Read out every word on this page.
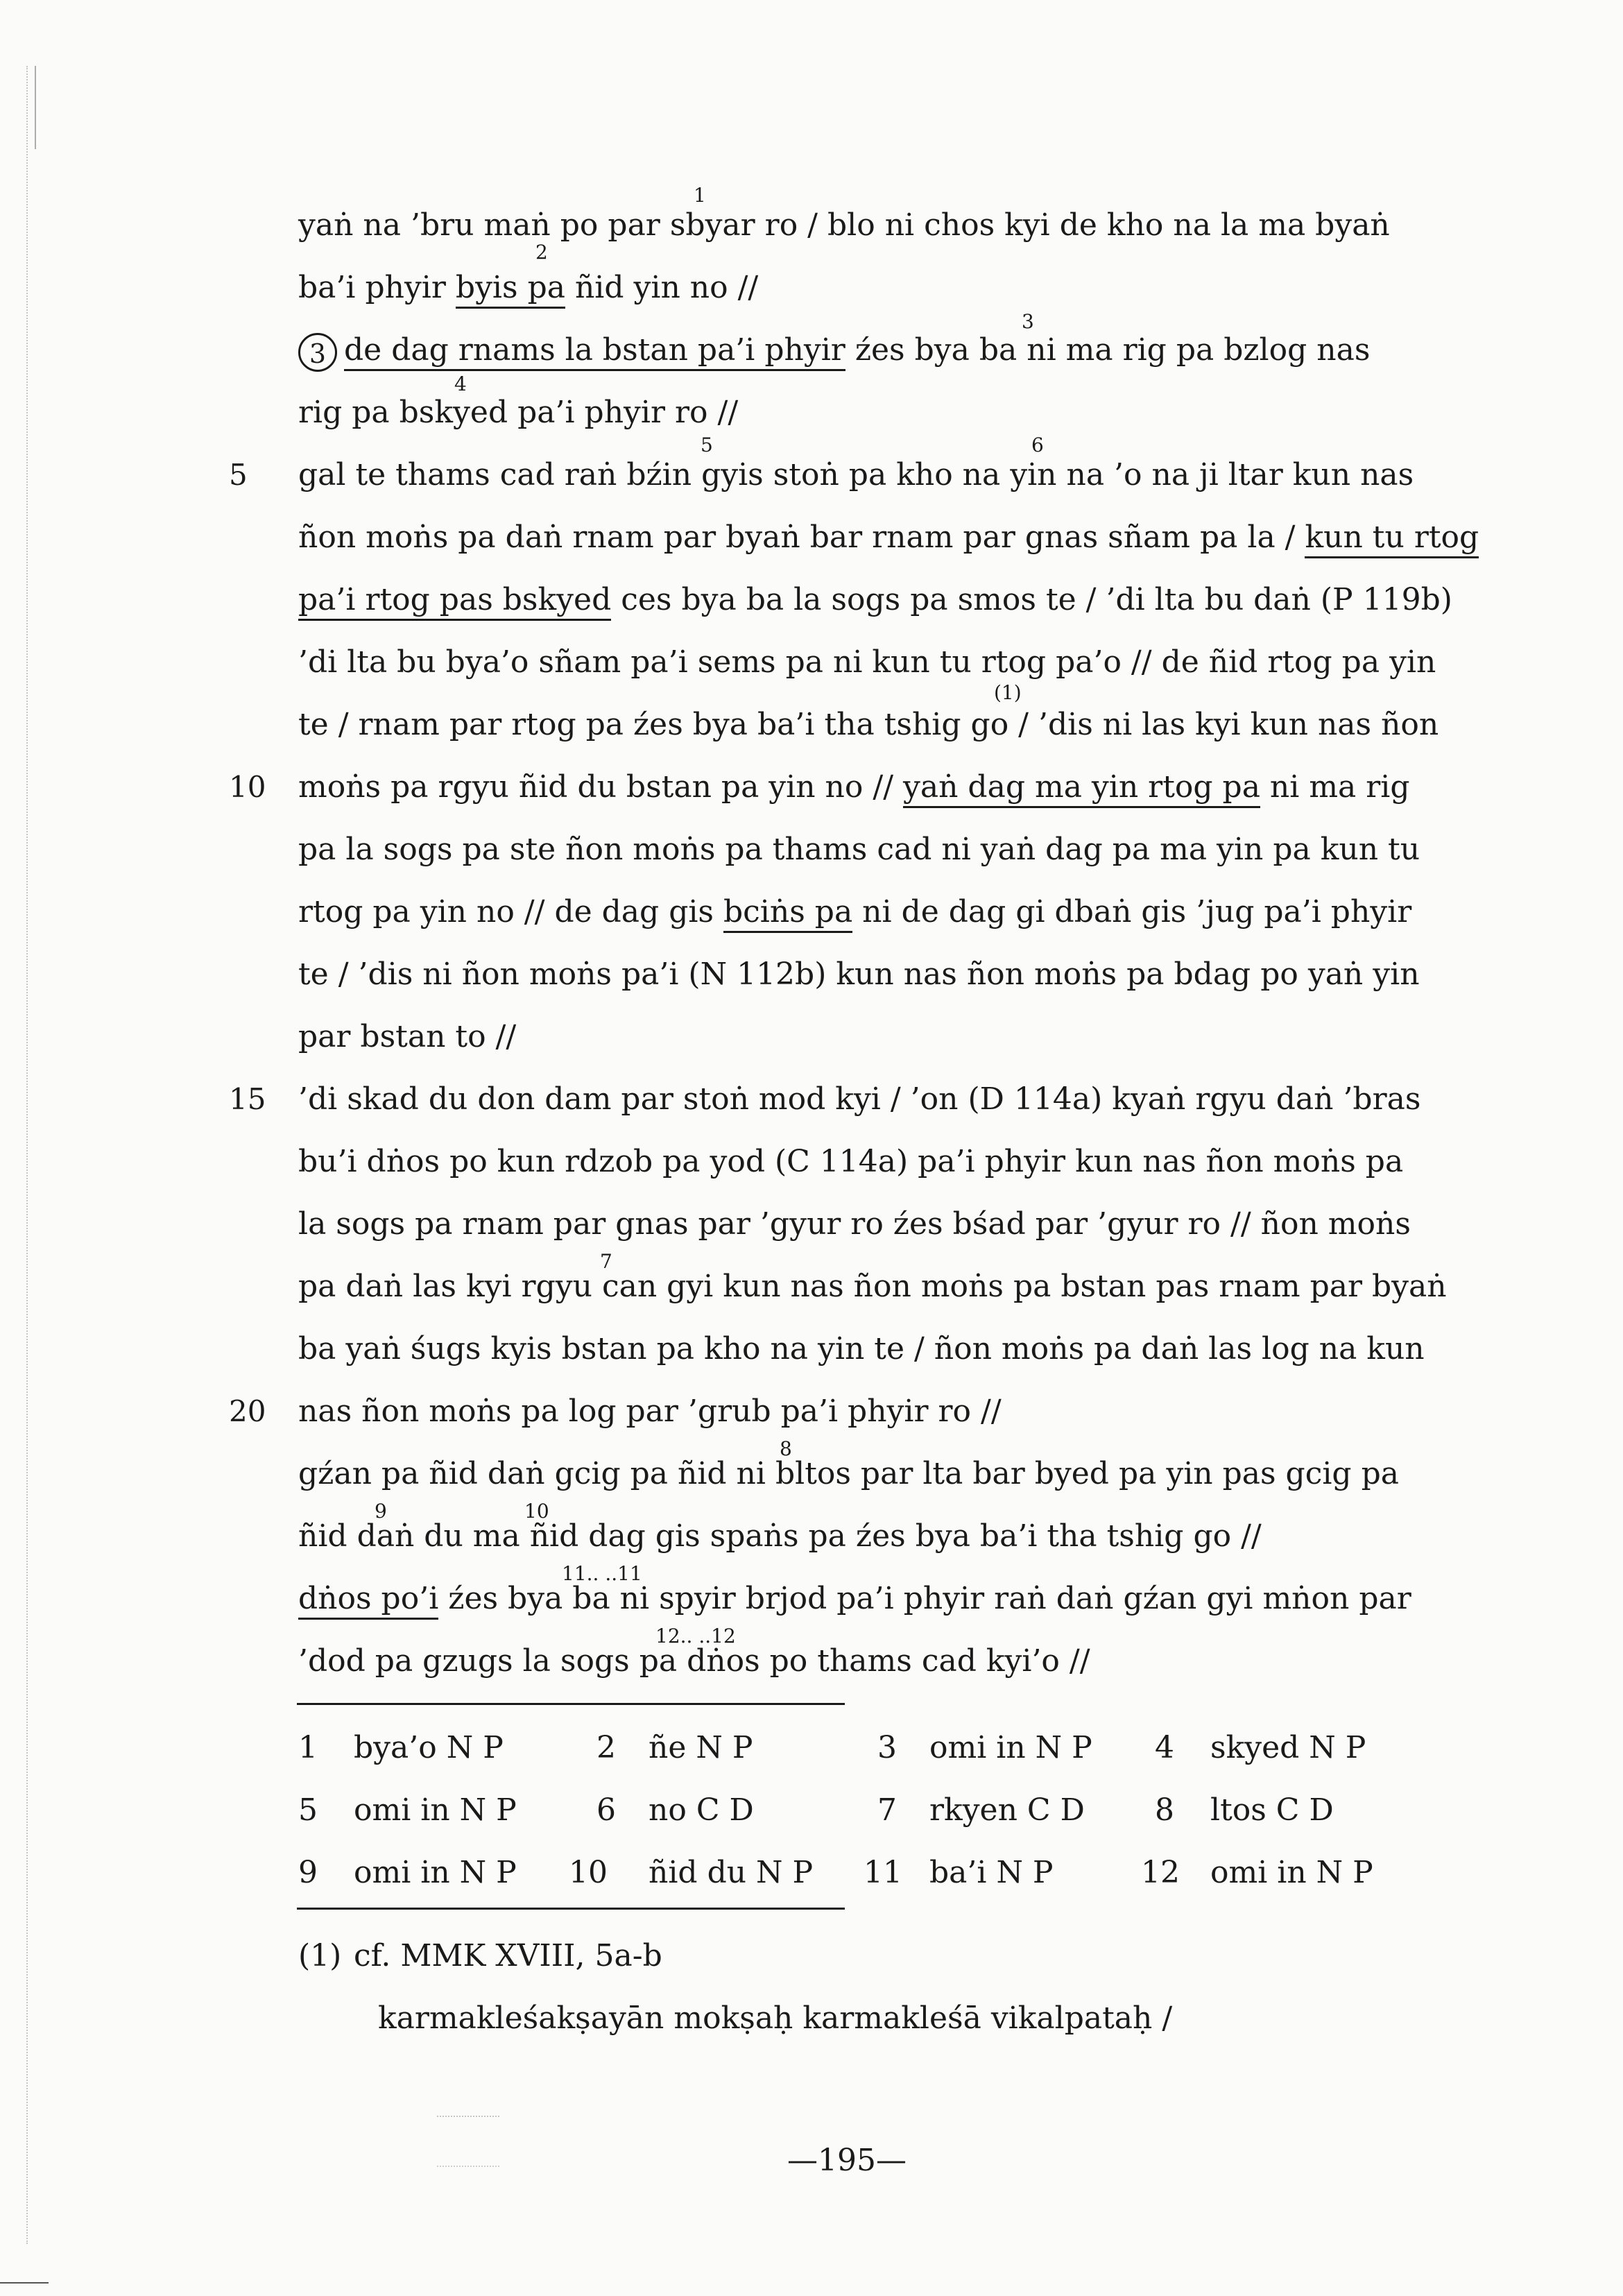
1
2
3
4
5	6
(1)
7
8
9	10
11.. ..11
12.. ..12
5
10
15
20
yaṅ na ’bru maṅ po par sbyar ro / blo ni chos kyi de kho na la ma byaṅ
ba’i phyir byis pa ñid yin no //
3 de dag rnams la bstan pa’i phyir źes bya ba ni ma rig pa bzlog nas
rig pa bskyed pa’i phyir ro //
gal te thams cad raṅ bźin gyis stoṅ pa kho na yin na ’o na ji ltar kun nas
ñon moṅs pa daṅ rnam par byaṅ bar rnam par gnas sñam pa la / kun tu rtog
pa’i rtog pas bskyed ces bya ba la sogs pa smos te / ’di lta bu daṅ (P 119b)
’di lta bu bya’o sñam pa’i sems pa ni kun tu rtog pa’o // de ñid rtog pa yin
te / rnam par rtog pa źes bya ba’i tha tshig go / ’dis ni las kyi kun nas ñon
moṅs pa rgyu ñid du bstan pa yin no // yaṅ dag ma yin rtog pa ni ma rig
pa la sogs pa ste ñon moṅs pa thams cad ni yaṅ dag pa ma yin pa kun tu
rtog pa yin no // de dag gis bciṅs pa ni de dag gi dbaṅ gis ’jug pa’i phyir
te / ’dis ni ñon moṅs pa’i (N 112b) kun nas ñon moṅs pa bdag po yaṅ yin
par bstan to //
’di skad du don dam par stoṅ mod kyi / ’on (D 114a) kyaṅ rgyu daṅ ’bras
bu’i dṅos po kun rdzob pa yod (C 114a) pa’i phyir kun nas ñon moṅs pa
la sogs pa rnam par gnas par ’gyur ro źes bśad par ’gyur ro // ñon moṅs
pa daṅ las kyi rgyu can gyi kun nas ñon moṅs pa bstan pas rnam par byaṅ
ba yaṅ śugs kyis bstan pa kho na yin te / ñon moṅs pa daṅ las log na kun
nas ñon moṅs pa log par ’grub pa’i phyir ro //
gźan pa ñid daṅ gcig pa ñid ni bltos par lta bar byed pa yin pas gcig pa
ñid daṅ du ma ñid dag gis spaṅs pa źes bya ba’i tha tshig go //
dṅos po’i źes bya ba ni spyir brjod pa’i phyir raṅ daṅ gźan gyi mṅon par
’dod pa gzugs la sogs pa dṅos po thams cad kyi’o //
1 bya’o N P	2 ñe N P	3 omi in N P 4 skyed N P
5 omi in N P	6 no C D	7 rkyen C D 8 ltos C D
9 omi in N P 10 ñid du N P 11 ba’i N P	12 omi in N P
(1) cf. MMK XVIII, 5a-b
karmakleśakṣayān mokṣaḥ karmakleśā vikalpataḥ /
—195—
